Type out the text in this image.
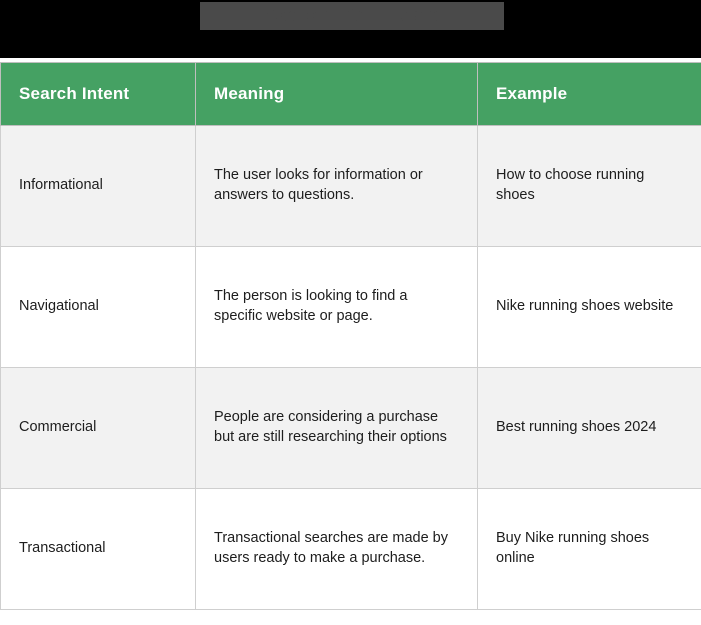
Search Intent Table
Search Intent	Meaning	Example
Informational	The user looks for information or answers to questions.	How to choose running shoes
Navigational	The person is looking to find a specific website or page.	Nike running shoes website
Commercial	People are considering a purchase but are still researching their options	Best running shoes 2024
Transactional	Transactional searches are made by users ready to make a purchase.	Buy Nike running shoes online
